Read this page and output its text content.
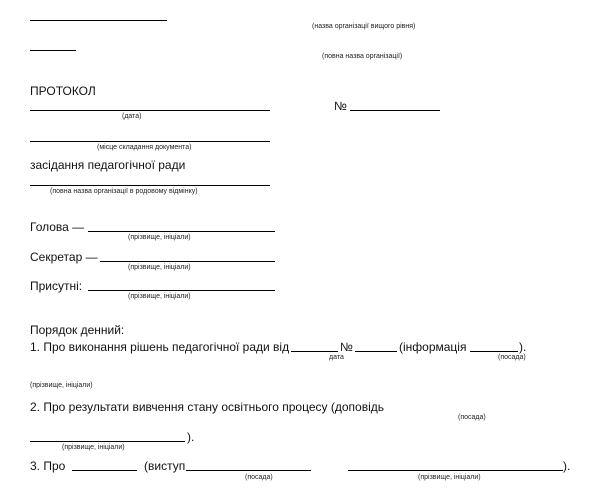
(назва організації вищого рівня)
(повна назва організації)
ПРОТОКОЛ
(дата)
№
(місце складання документа)
засідання педагогічної ради
(повна назва організації в родовому відмінку)
Голова —
(прізвище, ініціали)
Секретар —
(прізвище, ініціали)
Присутні:
(прізвище, ініціали)
Порядок денний:
1. Про виконання рішень педагогічної ради від	№	(інформація	).
дата	(посада)
(прізвище, ініціали)
2. Про результати вивчення стану освітнього процесу (доповідь
(посада)
).
(прізвище, ініціали)
3. Про	(виступ	).
(посада)	(прізвище, ініціали)
